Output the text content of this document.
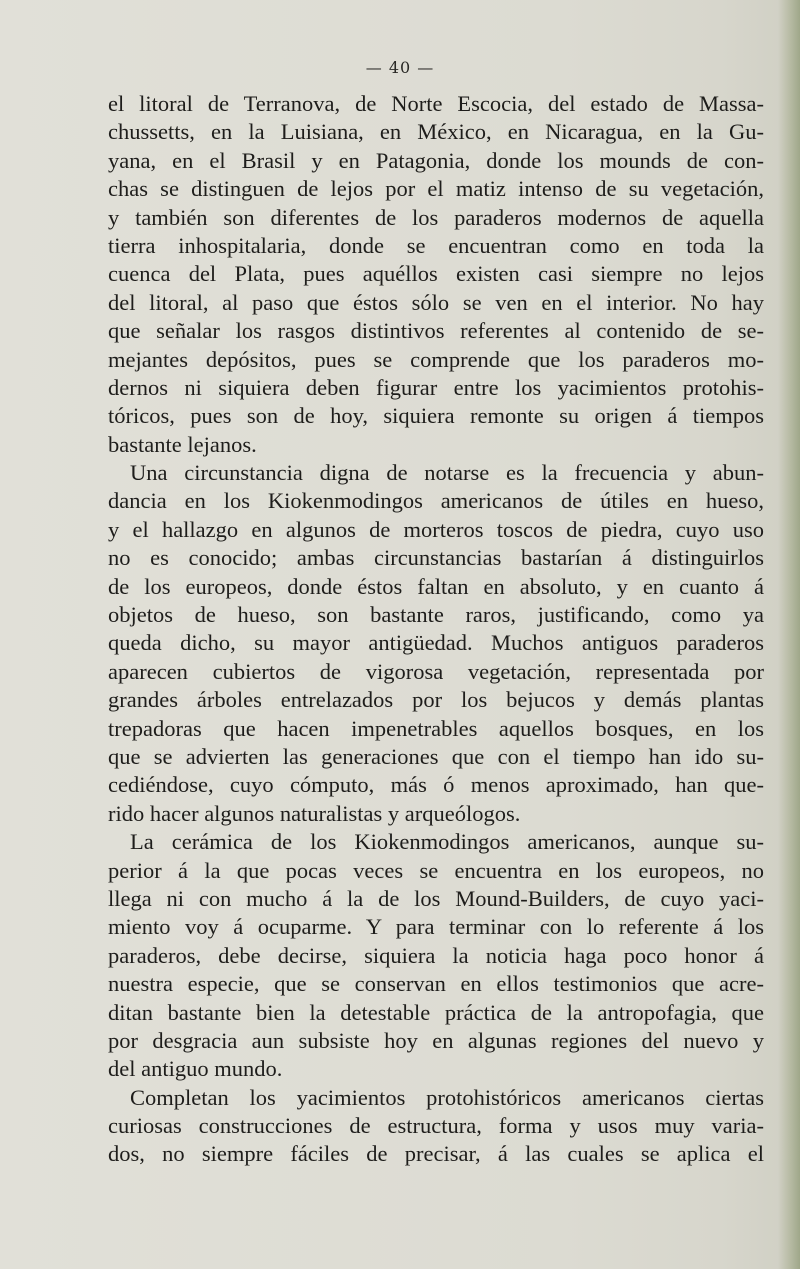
— 40 —
el litoral de Terranova, de Norte Escocia, del estado de Massa-
chussetts, en la Luisiana, en México, en Nicaragua, en la Gu-
yana, en el Brasil y en Patagonia, donde los mounds de con-
chas se distinguen de lejos por el matiz intenso de su vegetación,
y también son diferentes de los paraderos modernos de aquella
tierra inhospitalaria, donde se encuentran como en toda la
cuenca del Plata, pues aquéllos existen casi siempre no lejos
del litoral, al paso que éstos sólo se ven en el interior. No hay
que señalar los rasgos distintivos referentes al contenido de se-
mejantes depósitos, pues se comprende que los paraderos mo-
dernos ni siquiera deben figurar entre los yacimientos protohis-
tóricos, pues son de hoy, siquiera remonte su origen á tiempos
bastante lejanos.
Una circunstancia digna de notarse es la frecuencia y abun-
dancia en los Kiokenmodingos americanos de útiles en hueso,
y el hallazgo en algunos de morteros toscos de piedra, cuyo uso
no es conocido; ambas circunstancias bastarían á distinguirlos
de los europeos, donde éstos faltan en absoluto, y en cuanto á
objetos de hueso, son bastante raros, justificando, como ya
queda dicho, su mayor antigüedad. Muchos antiguos paraderos
aparecen cubiertos de vigorosa vegetación, representada por
grandes árboles entrelazados por los bejucos y demás plantas
trepadoras que hacen impenetrables aquellos bosques, en los
que se advierten las generaciones que con el tiempo han ido su-
cediéndose, cuyo cómputo, más ó menos aproximado, han que-
rido hacer algunos naturalistas y arqueólogos.
La cerámica de los Kiokenmodingos americanos, aunque su-
perior á la que pocas veces se encuentra en los europeos, no
llega ni con mucho á la de los Mound-Builders, de cuyo yaci-
miento voy á ocuparme. Y para terminar con lo referente á los
paraderos, debe decirse, siquiera la noticia haga poco honor á
nuestra especie, que se conservan en ellos testimonios que acre-
ditan bastante bien la detestable práctica de la antropofagia, que
por desgracia aun subsiste hoy en algunas regiones del nuevo y
del antiguo mundo.
Completan los yacimientos protohistóricos americanos ciertas
curiosas construcciones de estructura, forma y usos muy varia-
dos, no siempre fáciles de precisar, á las cuales se aplica el
